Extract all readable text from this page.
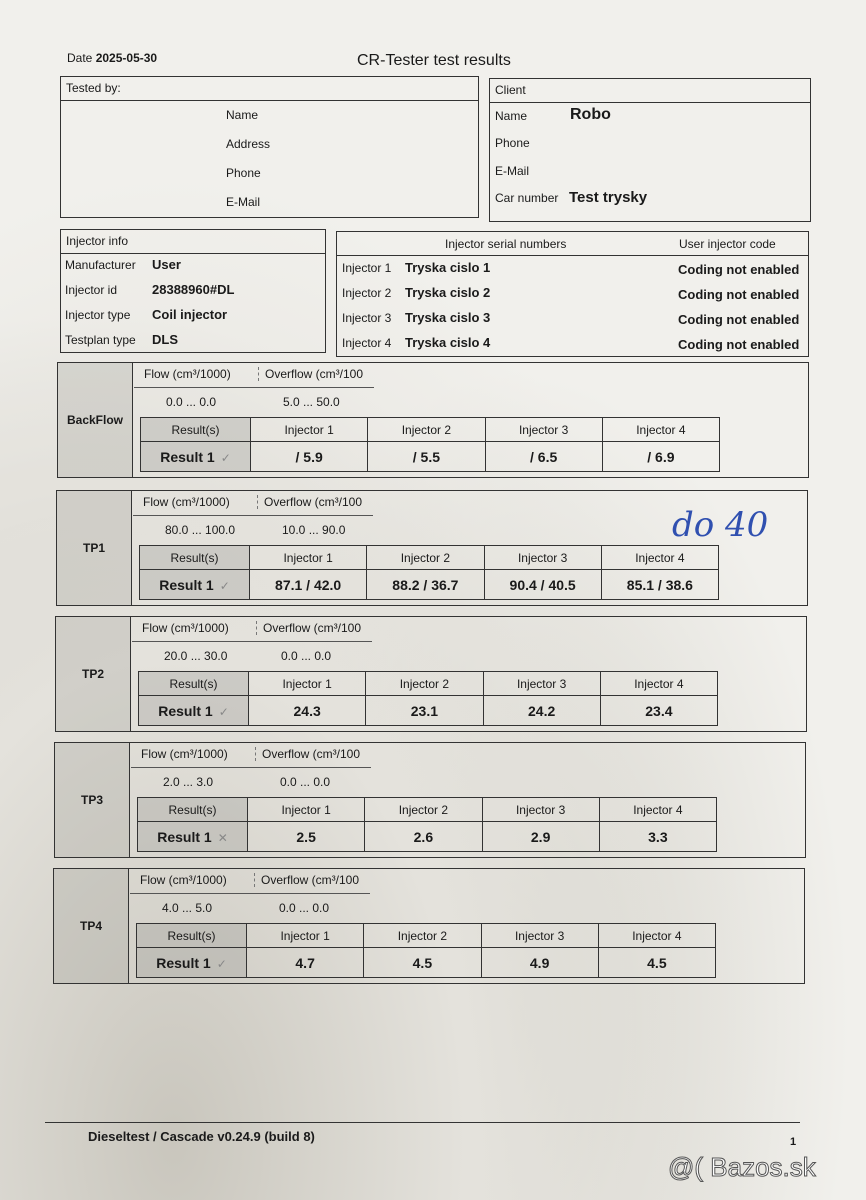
Date 2025-05-30	CR-Tester test results
Tested by:
Name
Address
Phone
E-Mail
Client
Name	Robo
Phone
E-Mail
Car number Test trysky
Injector info
Manufacturer User
Injector id	28388960#DL
Injector type Coil injector
Testplan type DLS
Injector serial numbers	User injector code
Injector 1 Tryska cislo 1	Coding not enabled
Injector 2 Tryska cislo 2	Coding not enabled
Injector 3 Tryska cislo 3	Coding not enabled
Injector 4 Tryska cislo 4	Coding not enabled
BackFlow
Flow (cm³/1000)	Overflow (cm³/100
0.0 ... 0.0	5.0 ... 50.0
Result(s)	Injector 1	Injector 2	Injector 3	Injector 4
Result 1 ✓	/ 5.9	/ 5.5	/ 6.5	/ 6.9
TP1
Flow (cm³/1000)	Overflow (cm³/100
80.0 ... 100.0	10.0 ... 90.0
Result(s)	Injector 1	Injector 2	Injector 3	Injector 4
Result 1 ✓	87.1 / 42.0	88.2 / 36.7	90.4 / 40.5	85.1 / 38.6
TP2
Flow (cm³/1000)	Overflow (cm³/100
20.0 ... 30.0	0.0 ... 0.0
Result(s)	Injector 1	Injector 2	Injector 3	Injector 4
Result 1 ✓	24.3	23.1	24.2	23.4
TP3
Flow (cm³/1000)	Overflow (cm³/100
2.0 ... 3.0	0.0 ... 0.0
Result(s)	Injector 1	Injector 2	Injector 3	Injector 4
Result 1 ✕	2.5	2.6	2.9	3.3
TP4
Flow (cm³/1000)	Overflow (cm³/100
4.0 ... 5.0	0.0 ... 0.0
Result(s)	Injector 1	Injector 2	Injector 3	Injector 4
Result 1 ✓	4.7	4.5	4.9	4.5
do 40
Dieseltest / Cascade v0.24.9 (build 8)	1
@( Bazos.sk
